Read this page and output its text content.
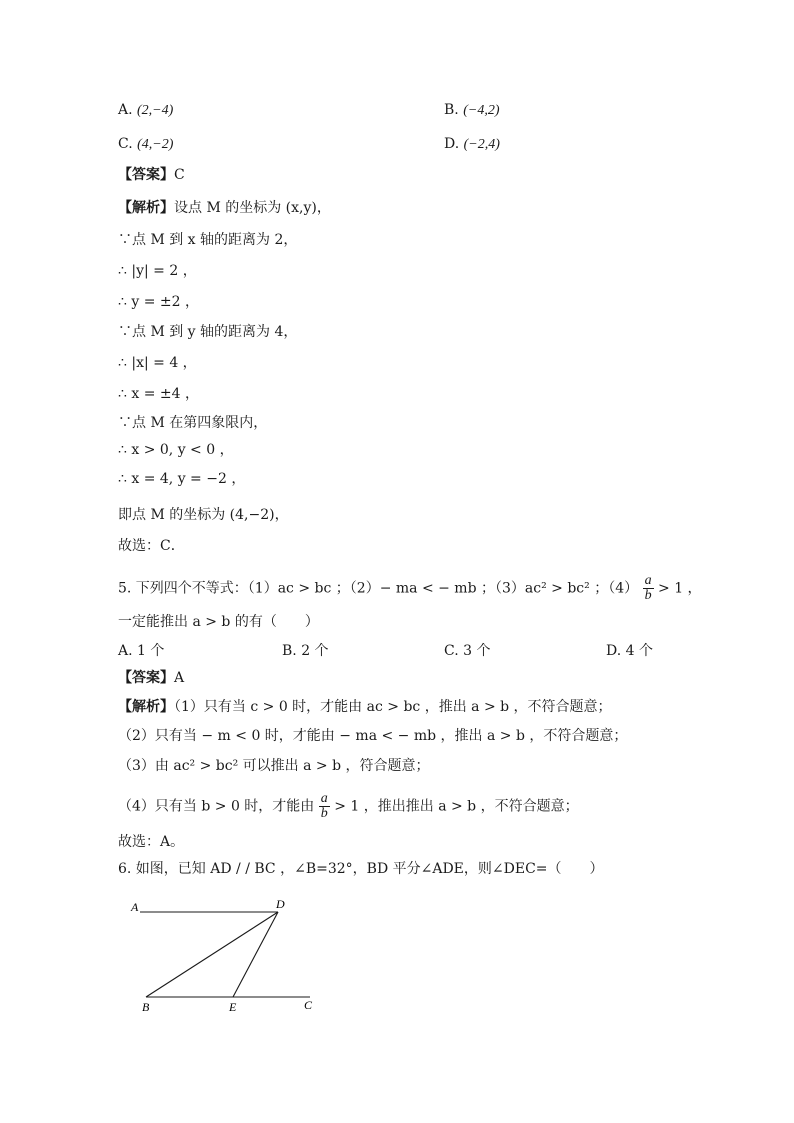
A. (2,−4)	B. (−4,2)
C. (4,−2)	D. (−2,4)
【答案】C
【解析】设点 M 的坐标为 (x,y)，
∵点 M 到 x 轴的距离为 2，
∴ |y| = 2 ，
∴ y = ±2 ，
∵点 M 到 y 轴的距离为 4，
∴ |x| = 4 ，
∴ x = ±4 ，
∵点 M 在第四象限内，
∴ x > 0, y < 0 ，
∴ x = 4, y = −2 ，
即点 M 的坐标为 (4,−2)，
故选：C．
5. 下列四个不等式：（1）ac > bc ；（2）− ma < − mb ；（3）ac² > bc² ；$(4) \frac{a}{b} > 1$ ，
一定能推出 a > b 的有（　　）
A. 1 个	B. 2 个	C. 3 个	D. 4 个
【答案】A
【解析】（1）只有当 c > 0 时，才能由 ac > bc ，推出 a > b ，不符合题意；
（2）只有当 − m < 0 时，才能由 − ma < − mb ，推出 a > b ，不符合题意；
（3）由 ac² > bc² 可以推出 a > b ，符合题意；
（4）只有当 b > 0 时，才能由 $\frac{a}{b} > 1$ ，推出推出 a > b ，不符合题意；
故选：A。
6. 如图，已知 AD / / BC ，∠B=32°，BD 平分∠ADE，则∠DEC=（　　）
A	D
B	E	C
